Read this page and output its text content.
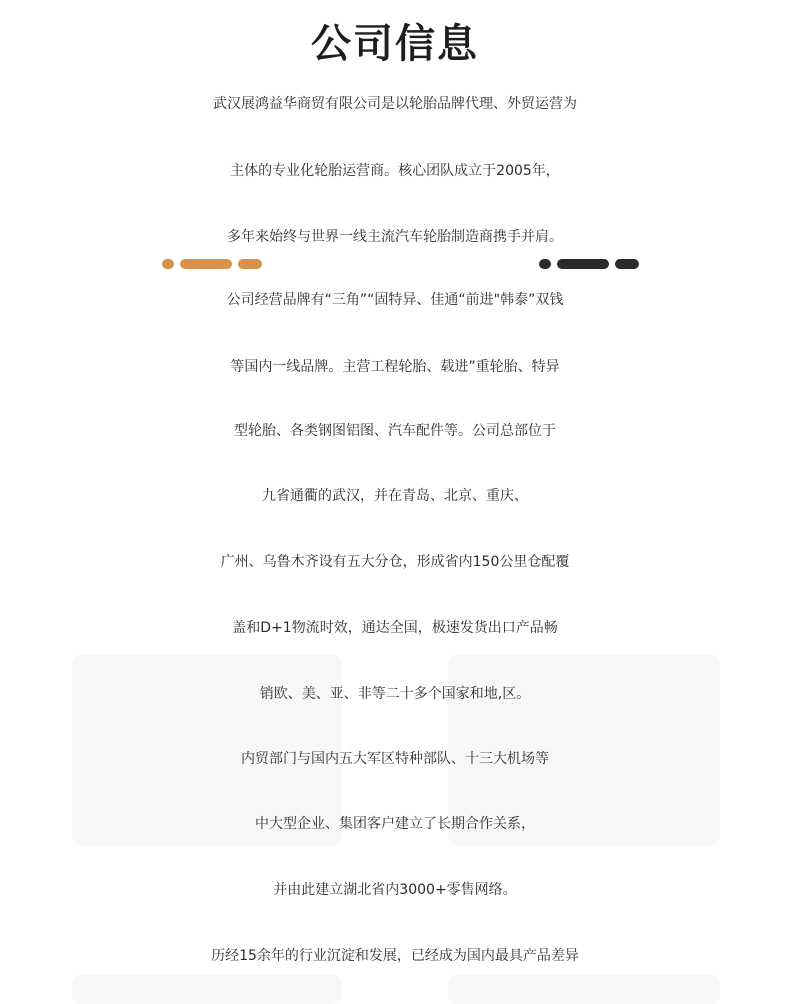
公司信息
武汉展鸿益华商贸有限公司是以轮胎品牌代理、外贸运营为
主体的专业化轮胎运营商。核心团队成立于2005年，
多年来始终与世界一线主流汽车轮胎制造商携手并肩。
公司经营品牌有“三角”“固特异、佳通“前进"韩泰”双钱
等国内一线品牌。主营工程轮胎、载进”重轮胎、特异
型轮胎、各类钢图铝图、汽车配件等。公司总部位于
九省通衢的武汉，并在青岛、北京、重庆、
广州、乌鲁木齐设有五大分仓，形成省内150公里仓配覆
盖和D+1物流时效，通达全国，极速发货出口产品畅
销欧、美、亚、非等二十多个国家和地,区。
内贸部门与国内五大军区特种部队、十三大机场等
中大型企业、集团客户建立了长期合作关系，
并由此建立湖北省内3000+零售网络。
历经15余年的行业沉淀和发展，已经成为国内最具产品差异
